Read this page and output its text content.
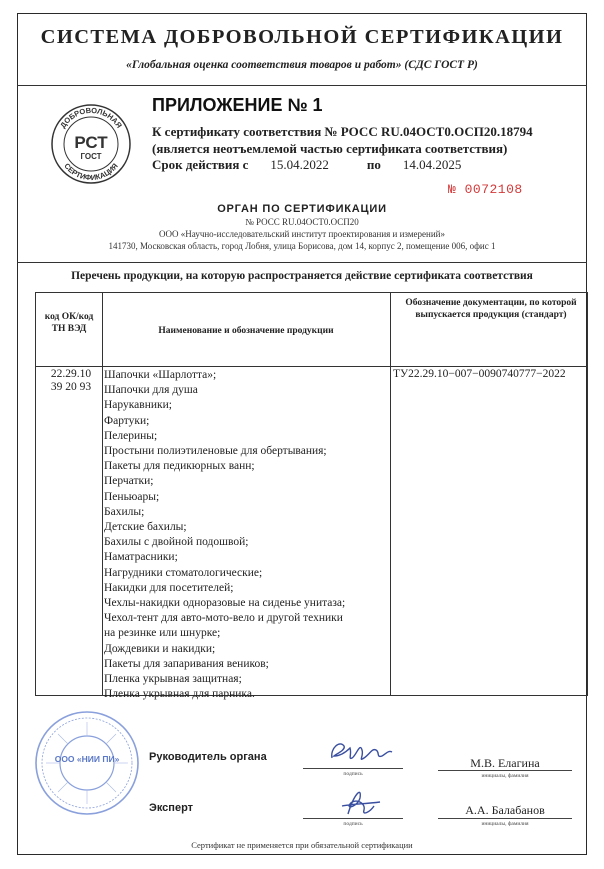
СИСТЕМА ДОБРОВОЛЬНОЙ СЕРТИФИКАЦИИ
«Глобальная оценка соответствия товаров и работ» (СДС ГОСТ Р)
ДОБРОВОЛЬНАЯ
СЕРТИФИКАЦИЯ
РСТ
ГОСТ
ПРИЛОЖЕНИЕ № 1
К сертификату соответствия № РОСС RU.04ОСТ0.ОСП20.18794
(является неотъемлемой частью сертификата соответствия)
Срок действия с 15.04.2022	по 14.04.2025
№ 0072108
ОРГАН ПО СЕРТИФИКАЦИИ
№ РОСС RU.04ОСТ0.ОСП20
ООО «Научно-исследовательский институт проектирования и измерений»
141730, Московская область, город Лобня, улица Борисова, дом 14, корпус 2, помещение 006, офис 1
Перечень продукции, на которую распространяется действие сертификата соответствия
код ОК/код ТН ВЭД	Наименование и обозначение продукции
Обозначение документации, по которой выпускается продукция (стандарт)
22.29.10
39 20 93
Шапочки «Шарлотта»;
Шапочки для душа
Нарукавники;
Фартуки;
Пелерины;
Простыни полиэтиленовые для обертывания;
Пакеты для педикюрных ванн;
Перчатки;
Пеньюары;
Бахилы;
Детские бахилы;
Бахилы с двойной подошвой;
Наматрасники;
Нагрудники стоматологические;
Накидки для посетителей;
Чехлы-накидки одноразовые на сиденье унитаза;
Чехол-тент для авто-мото-вело и другой техники
на резинке или шнурке;
Дождевики и накидки;
Пакеты для запаривания веников;
Пленка укрывная защитная;
Пленка укрывная для парника.
ТУ22.29.10−007−0090740777−2022
ООО «НИИ ПИ»	Руководитель органа
подпись
М.В. Елагина
инициалы, фамилия
Эксперт
подпись
А.А. Балабанов
инициалы, фамилия
Сертификат не применяется при обязательной сертификации
